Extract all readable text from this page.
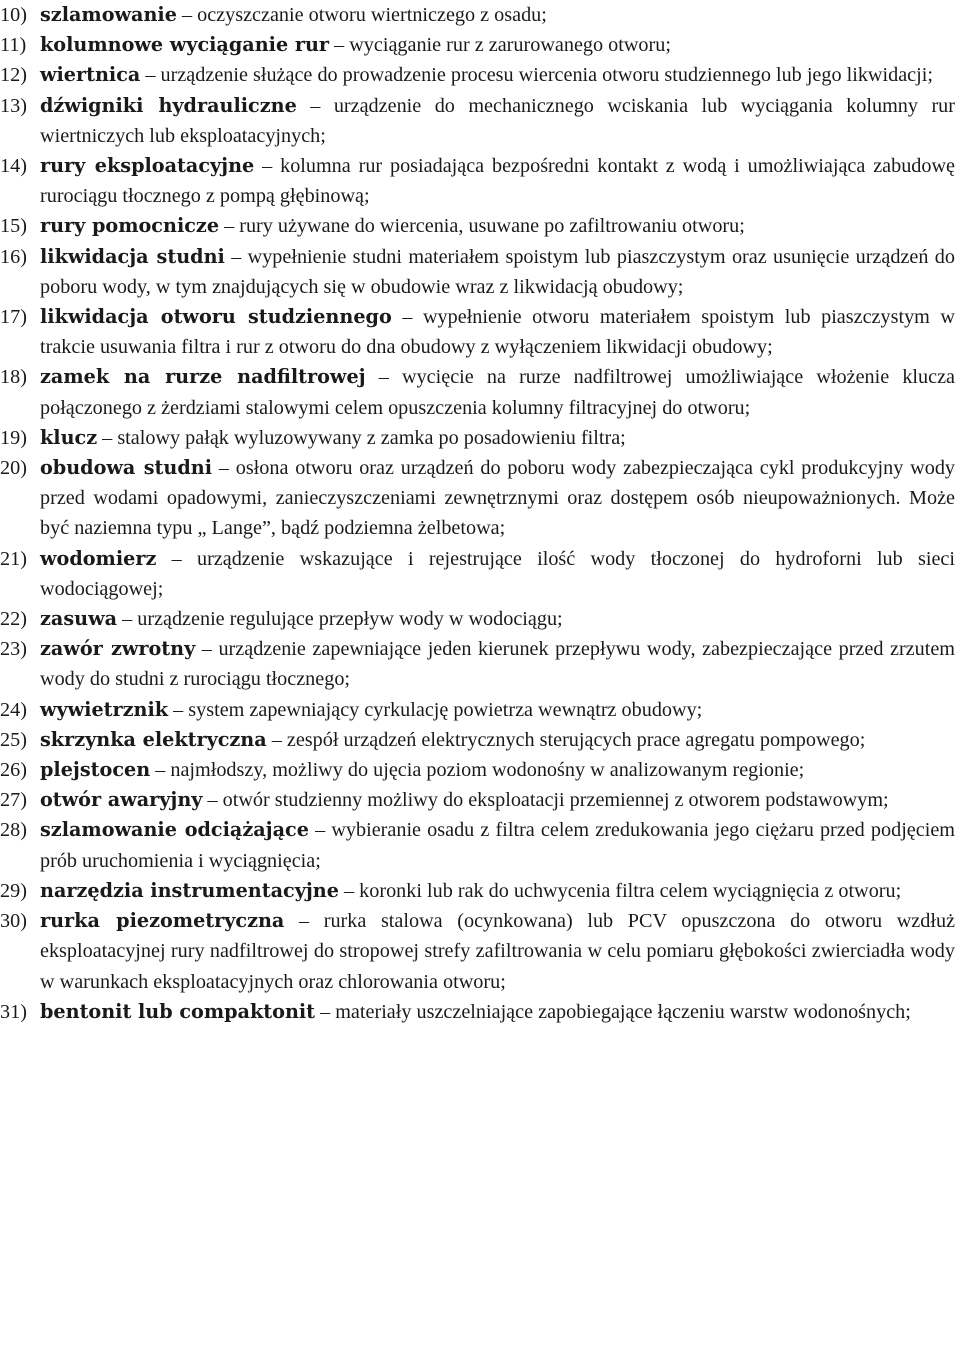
10) szlamowanie – oczyszczanie otworu wiertniczego z osadu;
11) kolumnowe wyciąganie rur – wyciąganie rur z zarurowanego otworu;
12) wiertnica – urządzenie służące do prowadzenie procesu wiercenia otworu studziennego lub jego likwidacji;
13) dźwigniki hydrauliczne – urządzenie do mechanicznego wciskania lub wyciągania kolumny rur wiertniczych lub eksploatacyjnych;
14) rury eksploatacyjne – kolumna rur posiadająca bezpośredni kontakt z wodą i umożliwiająca zabudowę rurociągu tłocznego z pompą głębinową;
15) rury pomocnicze – rury używane do wiercenia, usuwane po zafiltrowaniu otworu;
16) likwidacja studni – wypełnienie studni materiałem spoistym lub piaszczystym oraz usunięcie urządzeń do poboru wody, w tym znajdujących się w obudowie wraz z likwidacją obudowy;
17) likwidacja otworu studziennego – wypełnienie otworu materiałem spoistym lub piaszczystym w trakcie usuwania filtra i rur z otworu do dna obudowy z wyłączeniem likwidacji obudowy;
18) zamek na rurze nadfiltrowej – wycięcie na rurze nadfiltrowej umożliwiające włożenie klucza połączonego z żerdziami stalowymi celem opuszczenia kolumny filtracyjnej do otworu;
19) klucz – stalowy pałąk wyluzowywany z zamka po posadowieniu filtra;
20) obudowa studni – osłona otworu oraz urządzeń do poboru wody zabezpieczająca cykl produkcyjny wody przed wodami opadowymi, zanieczyszczeniami zewnętrznymi oraz dostępem osób nieupoważnionych. Może być naziemna typu „ Lange”, bądź podziemna żelbetowa;
21) wodomierz – urządzenie wskazujące i rejestrujące ilość wody tłoczonej do hydroforni lub sieci wodociągowej;
22) zasuwa – urządzenie regulujące przepływ wody w wodociągu;
23) zawór zwrotny – urządzenie zapewniające jeden kierunek przepływu wody, zabezpieczające przed zrzutem wody do studni z rurociągu tłocznego;
24) wywietrznik – system zapewniający cyrkulację powietrza wewnątrz obudowy;
25) skrzynka elektryczna – zespół urządzeń elektrycznych sterujących prace agregatu pompowego;
26) plejstocen – najmłodszy, możliwy do ujęcia poziom wodonośny w analizowanym regionie;
27) otwór awaryjny – otwór studzienny możliwy do eksploatacji przemiennej z otworem podstawowym;
28) szlamowanie odciążające – wybieranie osadu z filtra celem zredukowania jego ciężaru przed podjęciem prób uruchomienia i wyciągnięcia;
29) narzędzia instrumentacyjne – koronki lub rak do uchwycenia filtra celem wyciągnięcia z otworu;
30) rurka piezometryczna – rurka stalowa (ocynkowana) lub PCV opuszczona do otworu wzdłuż eksploatacyjnej rury nadfiltrowej do stropowej strefy zafiltrowania w celu pomiaru głębokości zwierciadła wody w warunkach eksploatacyjnych oraz chlorowania otworu;
31) bentonit lub compaktonit – materiały uszczelniające zapobiegające łączeniu warstw wodonośnych;
